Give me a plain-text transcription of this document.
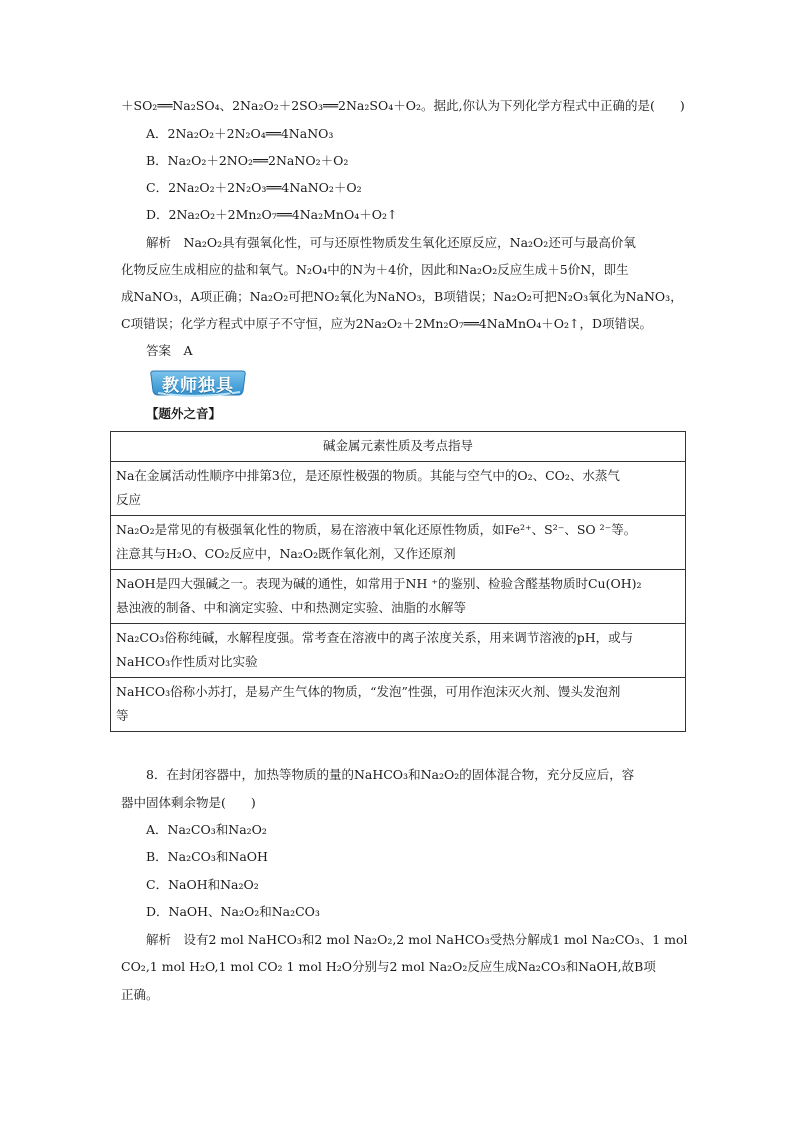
＋SO₂══Na₂SO₄、2Na₂O₂＋2SO₃══2Na₂SO₄＋O₂。据此,你认为下列化学方程式中正确的是(　　)
A．2Na₂O₂＋2N₂O₄══4NaNO₃
B．Na₂O₂＋2NO₂══2NaNO₂＋O₂
C．2Na₂O₂＋2N₂O₃══4NaNO₂＋O₂
D．2Na₂O₂＋2Mn₂O₇══4Na₂MnO₄＋O₂↑
解析　Na₂O₂具有强氧化性，可与还原性物质发生氧化还原反应，Na₂O₂还可与最高价氧
化物反应生成相应的盐和氧气。N₂O₄中的N为＋4价，因此和Na₂O₂反应生成＋5价N，即生
成NaNO₃，A项正确；Na₂O₂可把NO₂氧化为NaNO₃，B项错误；Na₂O₂可把N₂O₃氧化为NaNO₃，
C项错误；化学方程式中原子不守恒，应为2Na₂O₂＋2Mn₂O₇══4NaMnO₄＋O₂↑，D项错误。
答案　A
教师独具
【题外之音】
碱金属元素性质及考点指导

Na在金属活动性顺序中排第3位，是还原性极强的物质。其能与空气中的O₂、CO₂、水蒸气
反应

Na₂O₂是常见的有极强氧化性的物质，易在溶液中氧化还原性物质，如Fe²⁺、S²⁻、SO ²⁻等。
注意其与H₂O、CO₂反应中，Na₂O₂既作氧化剂，又作还原剂

NaOH是四大强碱之一。表现为碱的通性，如常用于NH ⁺的鉴别、检验含醛基物质时Cu(OH)₂
悬浊液的制备、中和滴定实验、中和热测定实验、油脂的水解等

Na₂CO₃俗称纯碱，水解程度强。常考查在溶液中的离子浓度关系，用来调节溶液的pH，或与
NaHCO₃作性质对比实验

NaHCO₃俗称小苏打，是易产生气体的物质，“发泡”性强，可用作泡沫灭火剂、馒头发泡剂
等
8．在封闭容器中，加热等物质的量的NaHCO₃和Na₂O₂的固体混合物，充分反应后，容
器中固体剩余物是(　　)
A．Na₂CO₃和Na₂O₂
B．Na₂CO₃和NaOH
C．NaOH和Na₂O₂
D．NaOH、Na₂O₂和Na₂CO₃
解析　设有2 mol NaHCO₃和2 mol Na₂O₂,2 mol NaHCO₃受热分解成1 mol Na₂CO₃、1 mol
CO₂,1 mol H₂O,1 mol CO₂ 1 mol H₂O分别与2 mol Na₂O₂反应生成Na₂CO₃和NaOH,故B项
正确。
